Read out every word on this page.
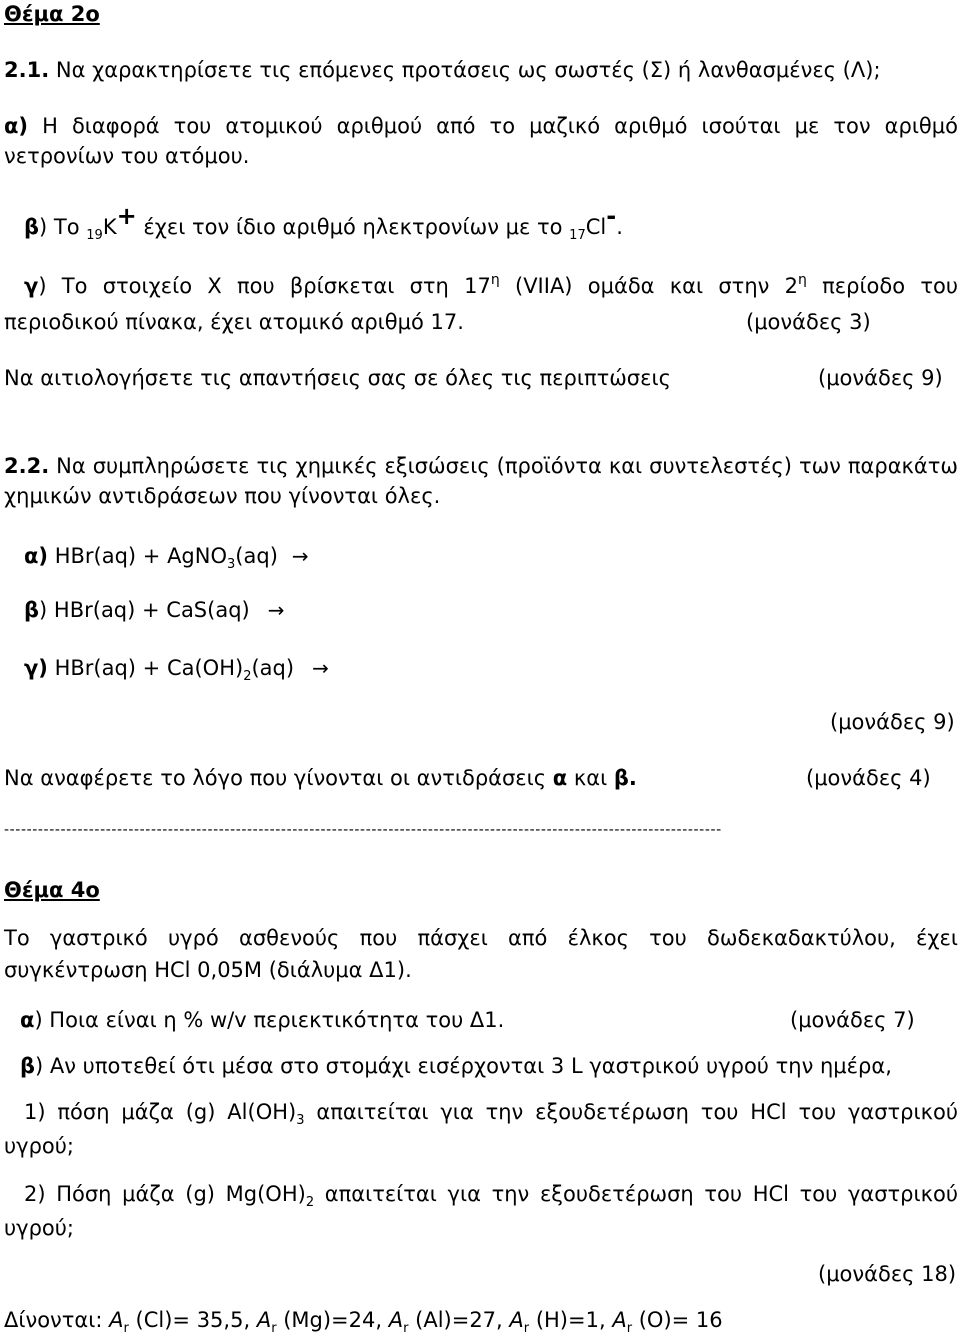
Θέμα 2ο
2.1. Να χαρακτηρίσετε τις επόμενες προτάσεις ως σωστές (Σ) ή λανθασμένες (Λ);
α) Η διαφορά του ατομικού αριθμού από το μαζικό αριθμό ισούται με τον αριθμό
νετρονίων του ατόμου.
β) Το $_{19}$K+ έχει τον ίδιο αριθμό ηλεκτρονίων με το $_{17}$Cl-.
γ) Το στοιχείο Χ που βρίσκεται στη $17^\eta$ (VIIA) ομάδα και στην $2^\eta$ περίοδο του
περιοδικού πίνακα, έχει ατομικό αριθμό 17.	(μονάδες 3)
Να αιτιολογήσετε τις απαντήσεις σας σε όλες τις περιπτώσεις	(μονάδες 9)
2.2. Να συμπληρώσετε τις χημικές εξισώσεις (προϊόντα και συντελεστές) των παρακάτω
χημικών αντιδράσεων που γίνονται όλες.
α) HBr(aq) + AgNO$_3$(aq) →
β) HBr(aq) + CaS(aq) →
γ) $HBr(aq) + Ca(OH)_2(aq)$ →
(μονάδες 9)
Να αναφέρετε το λόγο που γίνονται οι αντιδράσεις α και β.	(μονάδες 4)
-------------------------------------------------------------------------------------------------------------------------------
Θέμα 4ο
Το γαστρικό υγρό ασθενούς που πάσχει από έλκος του δωδεκαδακτύλου, έχει
συγκέντρωση HCl 0,05M (διάλυμα Δ1).
α) Ποια είναι η % w/v περιεκτικότητα του Δ1.	(μονάδες 7)
β) Αν υποτεθεί ότι μέσα στο στομάχι εισέρχονται 3 L γαστρικού υγρού την ημέρα,
1) πόση μάζα (g) $Al(OH)_3$ απαιτείται για την εξουδετέρωση του HCl του γαστρικού
υγρού;
2) Πόση μάζα (g) $Mg(OH)_2$ απαιτείται για την εξουδετέρωση του HCl του γαστρικού
υγρού;
(μονάδες 18)
Δίνονται: $A_r$ (Cl)= 35,5, $A_r$ (Mg)=24, $A_r$ (Al)=27, $A_r$ (H)=1, $A_r$ (O)= 16
